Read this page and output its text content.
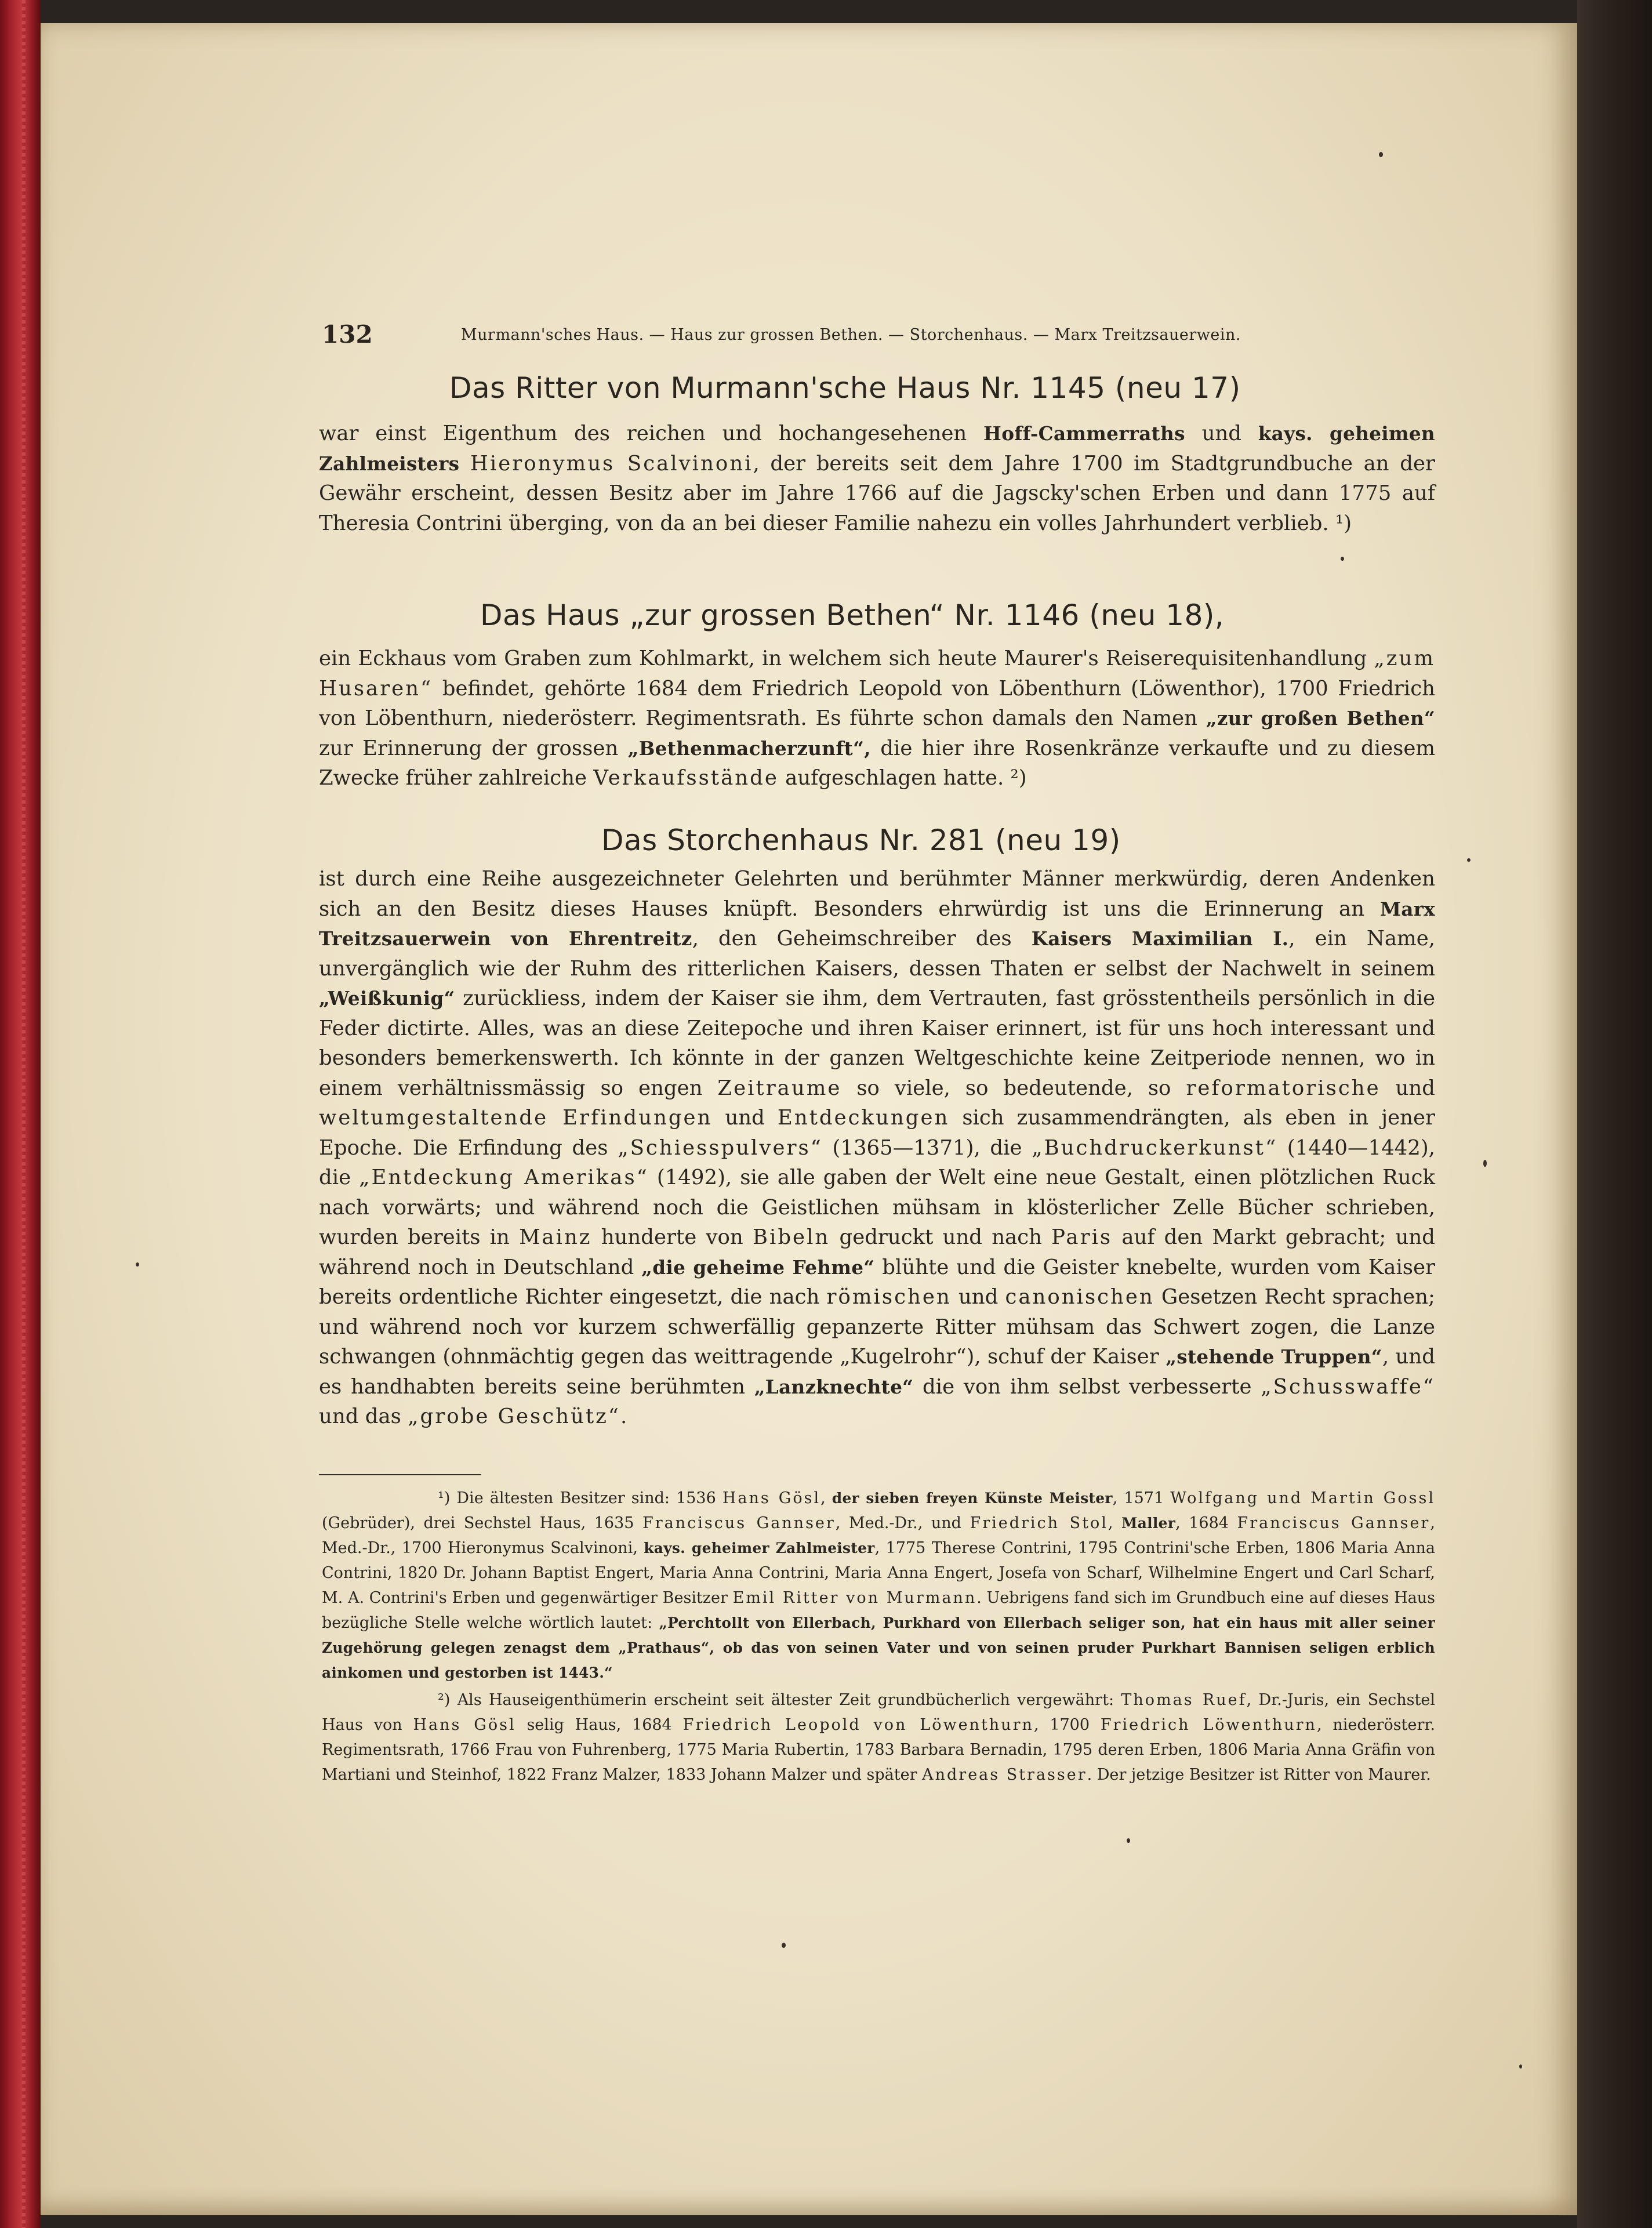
132	Murmann'sches Haus. — Haus zur grossen Bethen. — Storchenhaus. — Marx Treitzsauerwein.
Das Ritter von Murmann'sche Haus Nr. 1145 (neu 17)

war einst Eigenthum des reichen und hochangesehenen Hoff-Cammerraths und kays. geheimen Zahlmeisters Hieronymus Scalvinoni, der bereits seit dem Jahre 1700 im Stadtgrundbuche an der Gewähr erscheint, dessen Besitz aber im Jahre 1766 auf die Jagscky'schen Erben und dann 1775 auf Theresia Contrini überging, von da an bei dieser Familie nahezu ein volles Jahrhundert verblieb. ¹)

Das Haus „zur grossen Bethen“ Nr. 1146 (neu 18),

ein Eckhaus vom Graben zum Kohlmarkt, in welchem sich heute Maurer's Reiserequisitenhandlung „zum Husaren“ befindet, gehörte 1684 dem Friedrich Leopold von Löbenthurn (Löwenthor), 1700 Friedrich von Löbenthurn, niederösterr. Regimentsrath. Es führte schon damals den Namen „zur großen Bethen“ zur Erinnerung der grossen „Bethenmacherzunft“, die hier ihre Rosenkränze verkaufte und zu diesem Zwecke früher zahlreiche Verkaufsstände aufgeschlagen hatte. ²)

Das Storchenhaus Nr. 281 (neu 19)

ist durch eine Reihe ausgezeichneter Gelehrten und berühmter Männer merkwürdig, deren Andenken sich an den Besitz dieses Hauses knüpft. Besonders ehrwürdig ist uns die Erinnerung an Marx Treitzsauerwein von Ehrentreitz, den Geheimschreiber des Kaisers Maximilian I., ein Name, unvergänglich wie der Ruhm des ritterlichen Kaisers, dessen Thaten er selbst der Nachwelt in seinem „Weißkunig“ zurückliess, indem der Kaiser sie ihm, dem Vertrauten, fast grösstentheils persönlich in die Feder dictirte. Alles, was an diese Zeitepoche und ihren Kaiser erinnert, ist für uns hoch interessant und besonders bemerkenswerth. Ich könnte in der ganzen Weltgeschichte keine Zeitperiode nennen, wo in einem verhältnissmässig so engen Zeitraume so viele, so bedeutende, so reformatorische und weltumgestaltende Erfindungen und Entdeckungen sich zusammendrängten, als eben in jener Epoche. Die Erfindung des „Schiesspulvers“ (1365—1371), die „Buchdruckerkunst“ (1440—1442), die „Entdeckung Amerikas“ (1492), sie alle gaben der Welt eine neue Gestalt, einen plötzlichen Ruck nach vorwärts; und während noch die Geistlichen mühsam in klösterlicher Zelle Bücher schrieben, wurden bereits in Mainz hunderte von Bibeln gedruckt und nach Paris auf den Markt gebracht; und während noch in Deutschland „die geheime Fehme“ blühte und die Geister knebelte, wurden vom Kaiser bereits ordentliche Richter eingesetzt, die nach römischen und canonischen Gesetzen Recht sprachen; und während noch vor kurzem schwerfällig gepanzerte Ritter mühsam das Schwert zogen, die Lanze schwangen (ohnmächtig gegen das weittragende „Kugelrohr“), schuf der Kaiser „stehende Truppen“, und es handhabten bereits seine berühmten „Lanzknechte“ die von ihm selbst verbesserte „Schusswaffe“ und das „grobe Geschütz“.

¹) Die ältesten Besitzer sind: 1536 Hans Gösl, der sieben freyen Künste Meister, 1571 Wolfgang und Martin Gossl (Gebrüder), drei Sechstel Haus, 1635 Franciscus Gannser, Med.-Dr., und Friedrich Stol, Maller, 1684 Franciscus Gannser, Med.-Dr., 1700 Hieronymus Scalvinoni, kays. geheimer Zahlmeister, 1775 Therese Contrini, 1795 Contrini'sche Erben, 1806 Maria Anna Contrini, 1820 Dr. Johann Baptist Engert, Maria Anna Contrini, Maria Anna Engert, Josefa von Scharf, Wilhelmine Engert und Carl Scharf, M. A. Contrini's Erben und gegenwärtiger Besitzer Emil Ritter von Murmann. Uebrigens fand sich im Grundbuch eine auf dieses Haus bezügliche Stelle welche wörtlich lautet: „Perchtollt von Ellerbach, Purkhard von Ellerbach seliger son, hat ein haus mit aller seiner Zugehörung gelegen zenagst dem „Prathaus“, ob das von seinen Vater und von seinen pruder Purkhart Bannisen seligen erblich ainkomen und gestorben ist 1443.“

²) Als Hauseigenthümerin erscheint seit ältester Zeit grundbücherlich vergewährt: Thomas Ruef, Dr.-Juris, ein Sechstel Haus von Hans Gösl selig Haus, 1684 Friedrich Leopold von Löwenthurn, 1700 Friedrich Löwenthurn, niederösterr. Regimentsrath, 1766 Frau von Fuhrenberg, 1775 Maria Rubertin, 1783 Barbara Bernadin, 1795 deren Erben, 1806 Maria Anna Gräfin von Martiani und Steinhof, 1822 Franz Malzer, 1833 Johann Malzer und später Andreas Strasser. Der jetzige Besitzer ist Ritter von Maurer.
